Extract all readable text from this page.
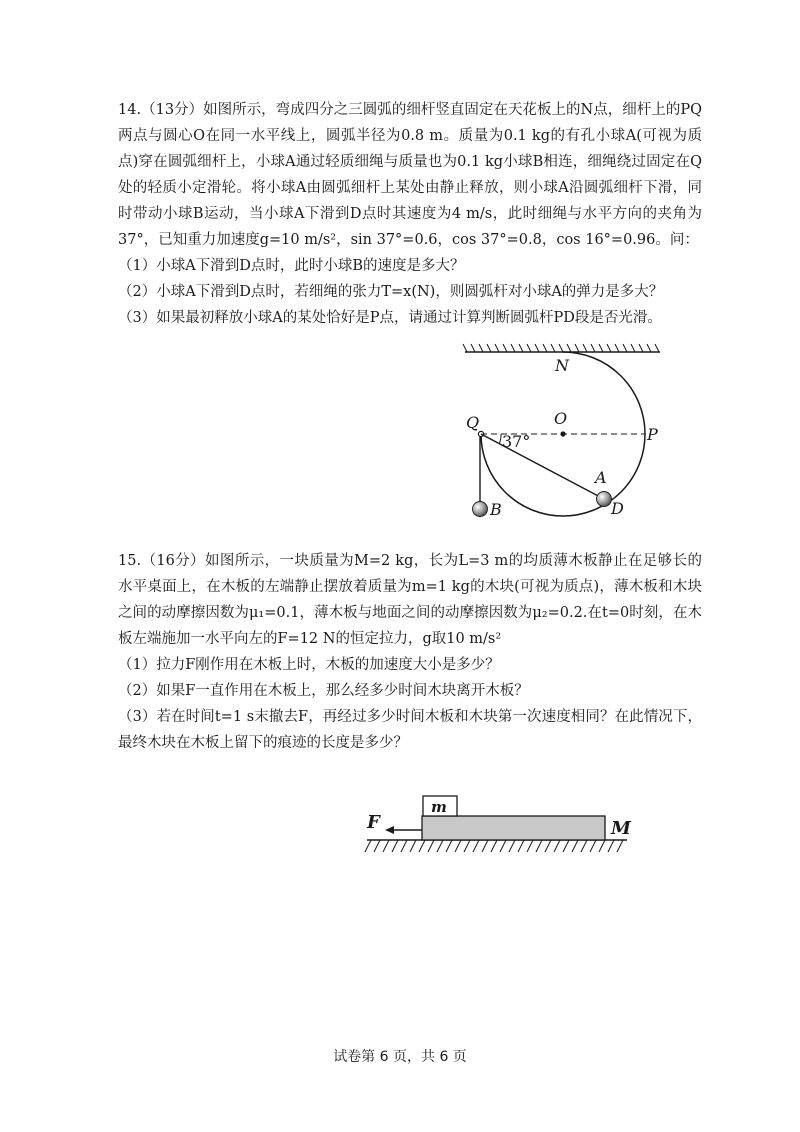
14.（13分）如图所示，弯成四分之三圆弧的细杆竖直固定在天花板上的N点，细杆上的PQ两点与圆心O在同一水平线上，圆弧半径为0.8 m。质量为0.1 kg的有孔小球A(可视为质点)穿在圆弧细杆上，小球A通过轻质细绳与质量也为0.1 kg小球B相连，细绳绕过固定在Q处的轻质小定滑轮。将小球A由圆弧细杆上某处由静止释放，则小球A沿圆弧细杆下滑，同时带动小球B运动，当小球A下滑到D点时其速度为4 m/s，此时细绳与水平方向的夹角为37°，已知重力加速度g=10 m/s²，sin 37°=0.6，cos 37°=0.8，cos 16°=0.96。问：

（1）小球A下滑到D点时，此时小球B的速度是多大？

（2）小球A下滑到D点时，若细绳的张力T=x(N)，则圆弧杆对小球A的弹力是多大？

（3）如果最初释放小球A的某处恰好是P点，请通过计算判断圆弧杆PD段是否光滑。

N
O
Q
P
37°
A
D
B

15.（16分）如图所示，一块质量为M=2 kg，长为L=3 m的均质薄木板静止在足够长的水平桌面上，在木板的左端静止摆放着质量为m=1 kg的木块(可视为质点)，薄木板和木块之间的动摩擦因数为μ₁=0.1，薄木板与地面之间的动摩擦因数为μ₂=0.2.在t=0时刻，在木板左端施加一水平向左的F=12 N的恒定拉力，g取10 m/s²

（1）拉力F刚作用在木板上时，木板的加速度大小是多少？

（2）如果F一直作用在木板上，那么经多少时间木块离开木板？

（3）若在时间t=1 s末撤去F，再经过多少时间木板和木块第一次速度相同？在此情况下，最终木块在木板上留下的痕迹的长度是多少？

F
m
M
试卷第 6 页，共 6 页
